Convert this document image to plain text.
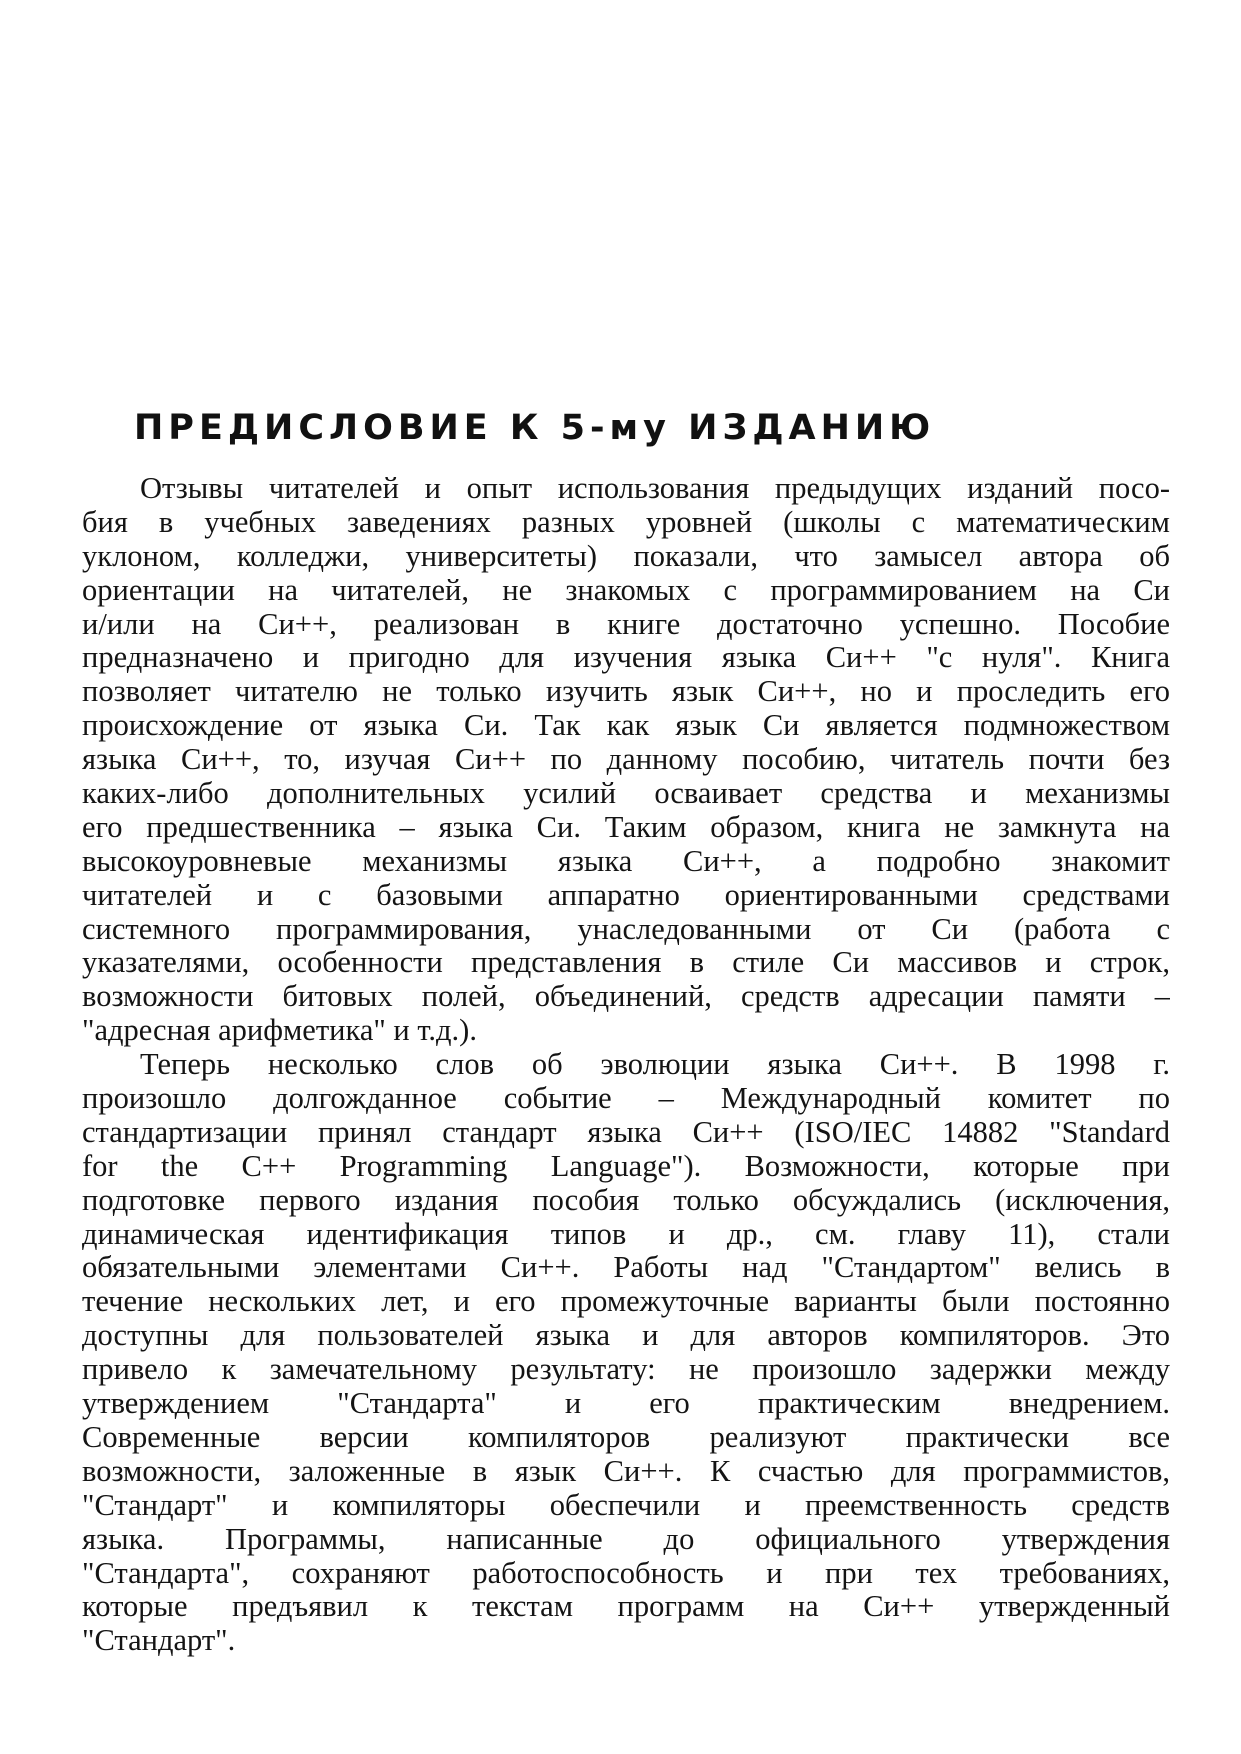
ПРЕДИСЛОВИЕ К 5-му ИЗДАНИЮ
Отзывы читателей и опыт использования предыдущих изданий посо-
бия в учебных заведениях разных уровней (школы с математическим
уклоном, колледжи, университеты) показали, что замысел автора об
ориентации на читателей, не знакомых с программированием на Си
и/или на Си++, реализован в книге достаточно успешно. Пособие
предназначено и пригодно для изучения языка Си++ "с нуля". Книга
позволяет читателю не только изучить язык Си++, но и проследить его
происхождение от языка Си. Так как язык Си является подмножеством
языка Си++, то, изучая Си++ по данному пособию, читатель почти без
каких-либо дополнительных усилий осваивает средства и механизмы
его предшественника – языка Си. Таким образом, книга не замкнута на
высокоуровневые механизмы языка Си++, а подробно знакомит
читателей и с базовыми аппаратно ориентированными средствами
системного программирования, унаследованными от Си (работа с
указателями, особенности представления в стиле Си массивов и строк,
возможности битовых полей, объединений, средств адресации памяти –
"адресная арифметика" и т.д.).
Теперь несколько слов об эволюции языка Си++. В 1998 г.
произошло долгожданное событие – Международный комитет по
стандартизации принял стандарт языка Си++ (ISO/IEC 14882 "Standard
for the C++ Programming Language"). Возможности, которые при
подготовке первого издания пособия только обсуждались (исключения,
динамическая идентификация типов и др., см. главу 11), стали
обязательными элементами Си++. Работы над "Стандартом" велись в
течение нескольких лет, и его промежуточные варианты были постоянно
доступны для пользователей языка и для авторов компиляторов. Это
привело к замечательному результату: не произошло задержки между
утверждением "Стандарта" и его практическим внедрением.
Современные версии компиляторов реализуют практически все
возможности, заложенные в язык Си++. К счастью для программистов,
"Стандарт" и компиляторы обеспечили и преемственность средств
языка. Программы, написанные до официального утверждения
"Стандарта", сохраняют работоспособность и при тех требованиях,
которые предъявил к текстам программ на Си++ утвержденный
"Стандарт".
